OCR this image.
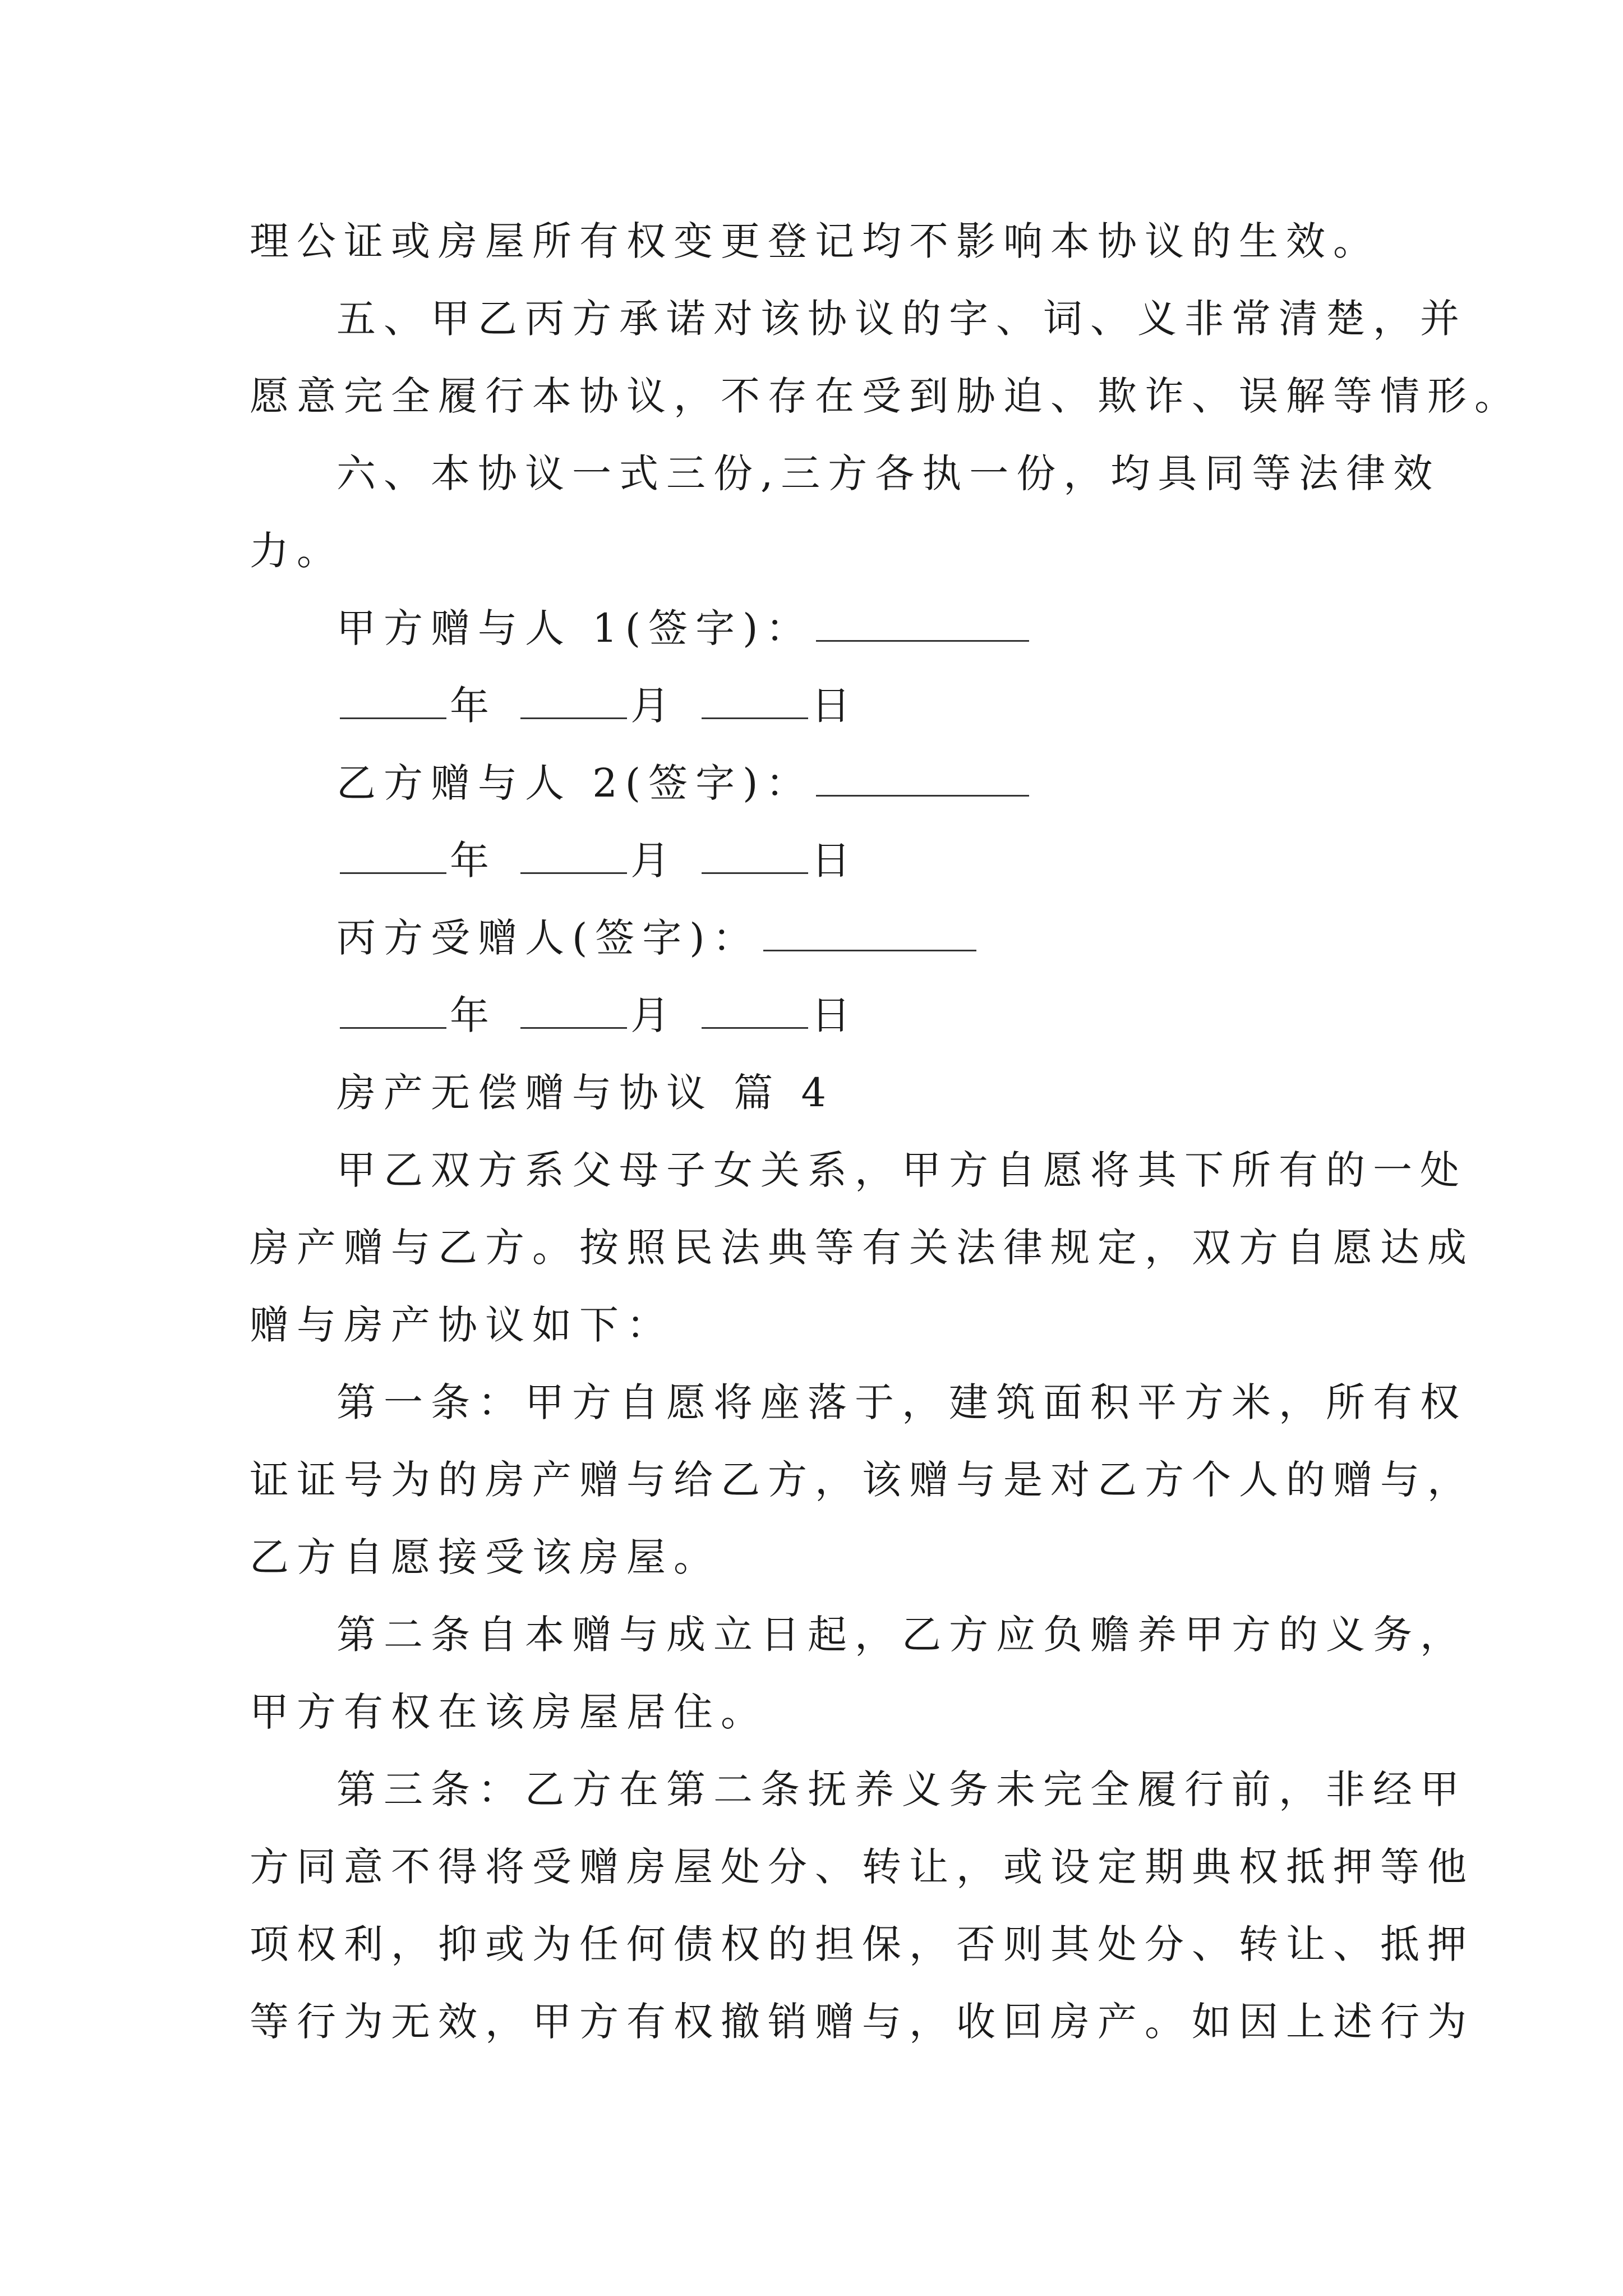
理公证或房屋所有权变更登记均不影响本协议的生效。
五、甲乙丙方承诺对该协议的字、词、义非常清楚，并
愿意完全履行本协议，不存在受到胁迫、欺诈、误解等情形。
六、本协议一式三份,三方各执一份，均具同等法律效
力。
甲方赠与人 1(签字)：
年	月	日
乙方赠与人 2(签字)：
年	月	日
丙方受赠人(签字)：
年	月	日
房产无偿赠与协议 篇 4
甲乙双方系父母子女关系，甲方自愿将其下所有的一处
房产赠与乙方。按照民法典等有关法律规定，双方自愿达成
赠与房产协议如下：
第一条：甲方自愿将座落于，建筑面积平方米，所有权
证证号为的房产赠与给乙方，该赠与是对乙方个人的赠与，
乙方自愿接受该房屋。
第二条自本赠与成立日起，乙方应负赡养甲方的义务，
甲方有权在该房屋居住。
第三条：乙方在第二条抚养义务未完全履行前，非经甲
方同意不得将受赠房屋处分、转让，或设定期典权抵押等他
项权利，抑或为任何债权的担保，否则其处分、转让、抵押
等行为无效，甲方有权撤销赠与，收回房产。如因上述行为
